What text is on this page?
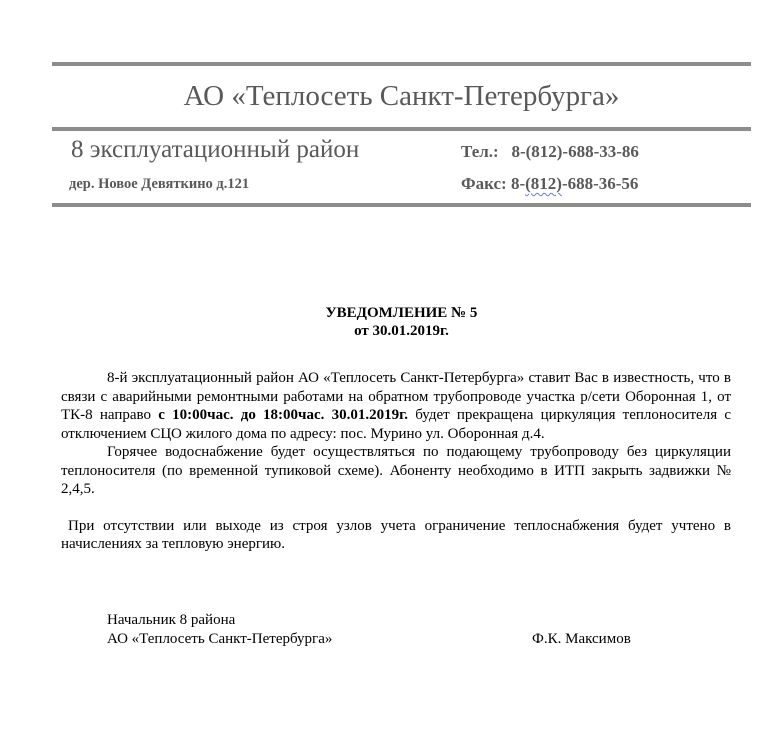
АО «Теплосеть Санкт-Петербурга»
8 эксплуатационный район
дер. Новое Девяткино д.121
Тел.: 8-(812)-688-33-86
Факс: 8-(812)-688-36-56
УВЕДОМЛЕНИЕ № 5
от 30.01.2019г.

8-й эксплуатационный район АО «Теплосеть Санкт-Петербурга» ставит Вас в известность, что в связи с аварийными ремонтными работами на обратном трубопроводе участка р/сети Оборонная 1, от ТК-8 направо с 10:00час. до 18:00час. 30.01.2019г. будет прекращена циркуляция теплоносителя с отключением СЦО жилого дома по адресу: пос. Мурино ул. Оборонная д.4.

Горячее водоснабжение будет осуществляться по подающему трубопроводу без циркуляции теплоносителя (по временной тупиковой схеме). Абоненту необходимо в ИТП закрыть задвижки № 2,4,5.

При отсутствии или выходе из строя узлов учета ограничение теплоснабжения будет учтено в начислениях за тепловую энергию.

Начальник 8 района
АО «Теплосеть Санкт-Петербурга»	Ф.К. Максимов
